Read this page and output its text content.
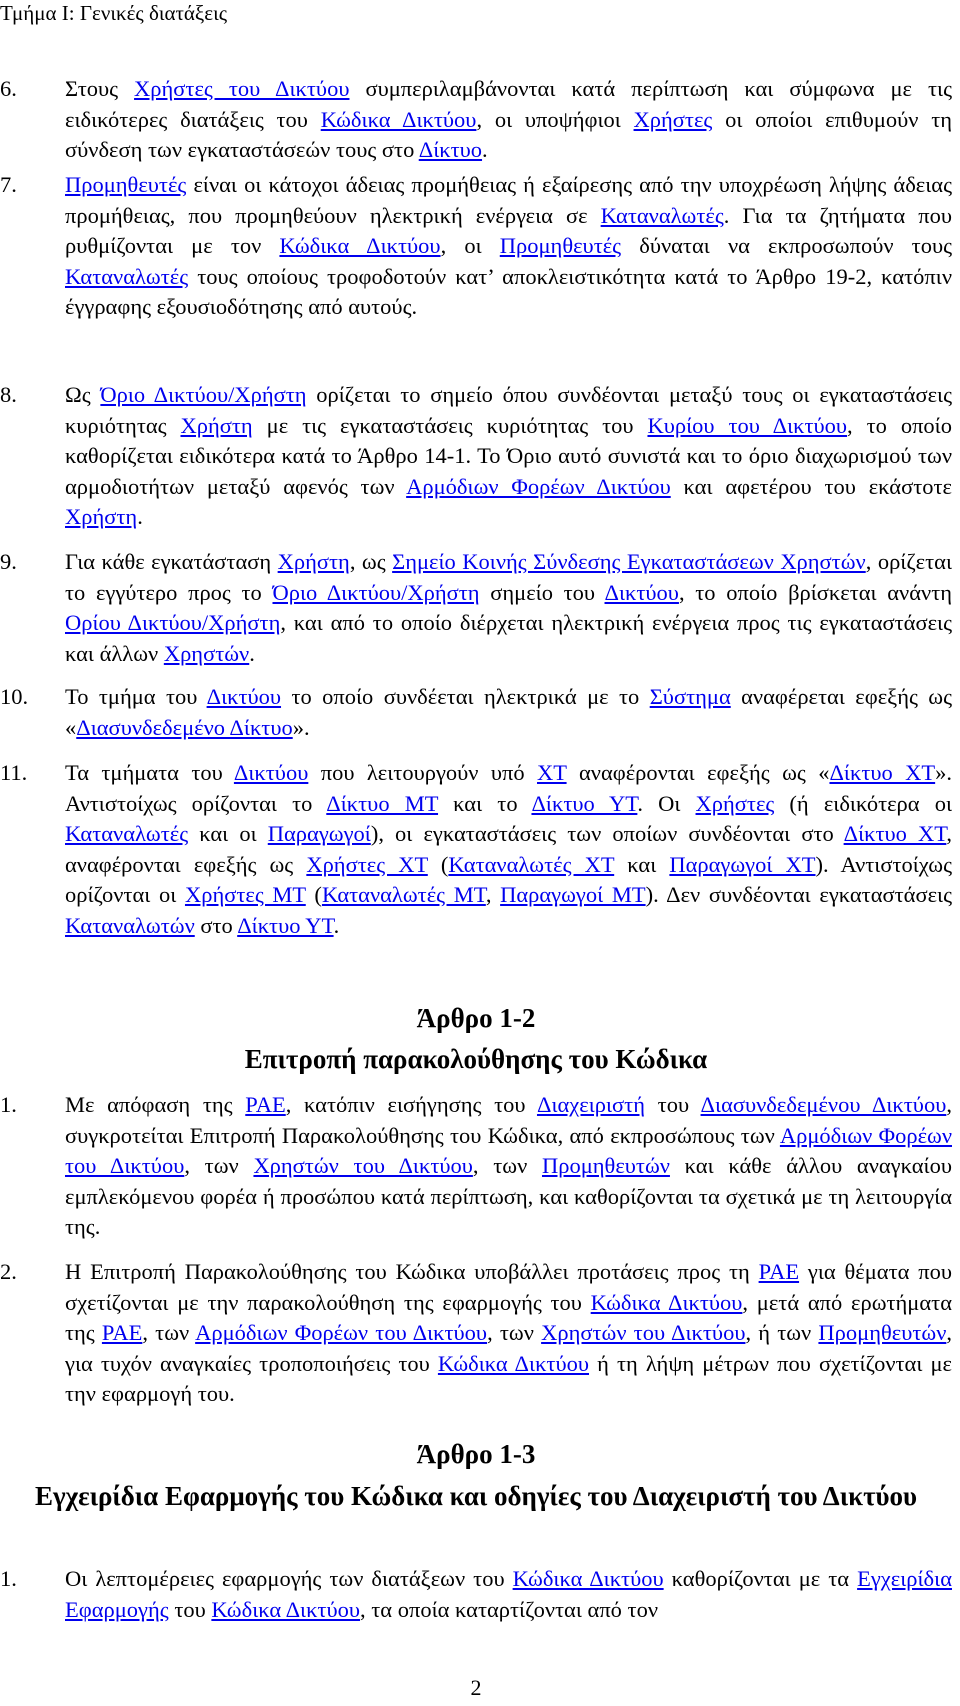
Τμήμα Ι: Γενικές διατάξεις
6. Στους Χρήστες του Δικτύου συμπεριλαμβάνονται κατά περίπτωση και σύμφωνα με τις ειδικότερες διατάξεις του Κώδικα Δικτύου, οι υποψήφιοι Χρήστες οι οποίοι επιθυμούν τη σύνδεση των εγκαταστάσεών τους στο Δίκτυο.
7. Προμηθευτές είναι οι κάτοχοι άδειας προμήθειας ή εξαίρεσης από την υποχρέωση λήψης άδειας προμήθειας, που προμηθεύουν ηλεκτρική ενέργεια σε Καταναλωτές. Για τα ζητήματα που ρυθμίζονται με τον Κώδικα Δικτύου, οι Προμηθευτές δύναται να εκπροσωπούν τους Καταναλωτές τους οποίους τροφοδοτούν κατ’ αποκλειστικότητα κατά το Άρθρο 19-2, κατόπιν έγγραφης εξουσιοδότησης από αυτούς.
8. Ως Όριο Δικτύου/Χρήστη ορίζεται το σημείο όπου συνδέονται μεταξύ τους οι εγκαταστάσεις κυριότητας Χρήστη με τις εγκαταστάσεις κυριότητας του Κυρίου του Δικτύου, το οποίο καθορίζεται ειδικότερα κατά το Άρθρο 14-1. Το Όριο αυτό συνιστά και το όριο διαχωρισμού των αρμοδιοτήτων μεταξύ αφενός των Αρμόδιων Φορέων Δικτύου και αφετέρου του εκάστοτε Χρήστη.
9. Για κάθε εγκατάσταση Χρήστη, ως Σημείο Κοινής Σύνδεσης Εγκαταστάσεων Χρηστών, ορίζεται το εγγύτερο προς το Όριο Δικτύου/Χρήστη σημείο του Δικτύου, το οποίο βρίσκεται ανάντη Ορίου Δικτύου/Χρήστη, και από το οποίο διέρχεται ηλεκτρική ενέργεια προς τις εγκαταστάσεις και άλλων Χρηστών.
10. Το τμήμα του Δικτύου το οποίο συνδέεται ηλεκτρικά με το Σύστημα αναφέρεται εφεξής ως «Διασυνδεδεμένο Δίκτυο».
11. Τα τμήματα του Δικτύου που λειτουργούν υπό ΧΤ αναφέρονται εφεξής ως «Δίκτυο ΧΤ». Αντιστοίχως ορίζονται το Δίκτυο ΜΤ και το Δίκτυο ΥΤ. Οι Χρήστες (ή ειδικότερα οι Καταναλωτές και οι Παραγωγοί), οι εγκαταστάσεις των οποίων συνδέονται στο Δίκτυο ΧΤ, αναφέρονται εφεξής ως Χρήστες ΧΤ (Καταναλωτές ΧΤ και Παραγωγοί ΧΤ). Αντιστοίχως ορίζονται οι Χρήστες ΜΤ (Καταναλωτές ΜΤ, Παραγωγοί ΜΤ). Δεν συνδέονται εγκαταστάσεις Καταναλωτών στο Δίκτυο ΥΤ.
Άρθρο 1-2
Επιτροπή παρακολούθησης του Κώδικα
1. Με απόφαση της ΡΑΕ, κατόπιν εισήγησης του Διαχειριστή του Διασυνδεδεμένου Δικτύου, συγκροτείται Επιτροπή Παρακολούθησης του Κώδικα, από εκπροσώπους των Αρμόδιων Φορέων του Δικτύου, των Χρηστών του Δικτύου, των Προμηθευτών και κάθε άλλου αναγκαίου εμπλεκόμενου φορέα ή προσώπου κατά περίπτωση, και καθορίζονται τα σχετικά με τη λειτουργία της.
2. Η Επιτροπή Παρακολούθησης του Κώδικα υποβάλλει προτάσεις προς τη ΡΑΕ για θέματα που σχετίζονται με την παρακολούθηση της εφαρμογής του Κώδικα Δικτύου, μετά από ερωτήματα της ΡΑΕ, των Αρμόδιων Φορέων του Δικτύου, των Χρηστών του Δικτύου, ή των Προμηθευτών, για τυχόν αναγκαίες τροποποιήσεις του Κώδικα Δικτύου ή τη λήψη μέτρων που σχετίζονται με την εφαρμογή του.
Άρθρο 1-3
Εγχειρίδια Εφαρμογής του Κώδικα και οδηγίες του Διαχειριστή του Δικτύου
1. Οι λεπτομέρειες εφαρμογής των διατάξεων του Κώδικα Δικτύου καθορίζονται με τα Εγχειρίδια Εφαρμογής του Κώδικα Δικτύου, τα οποία καταρτίζονται από τον
2
